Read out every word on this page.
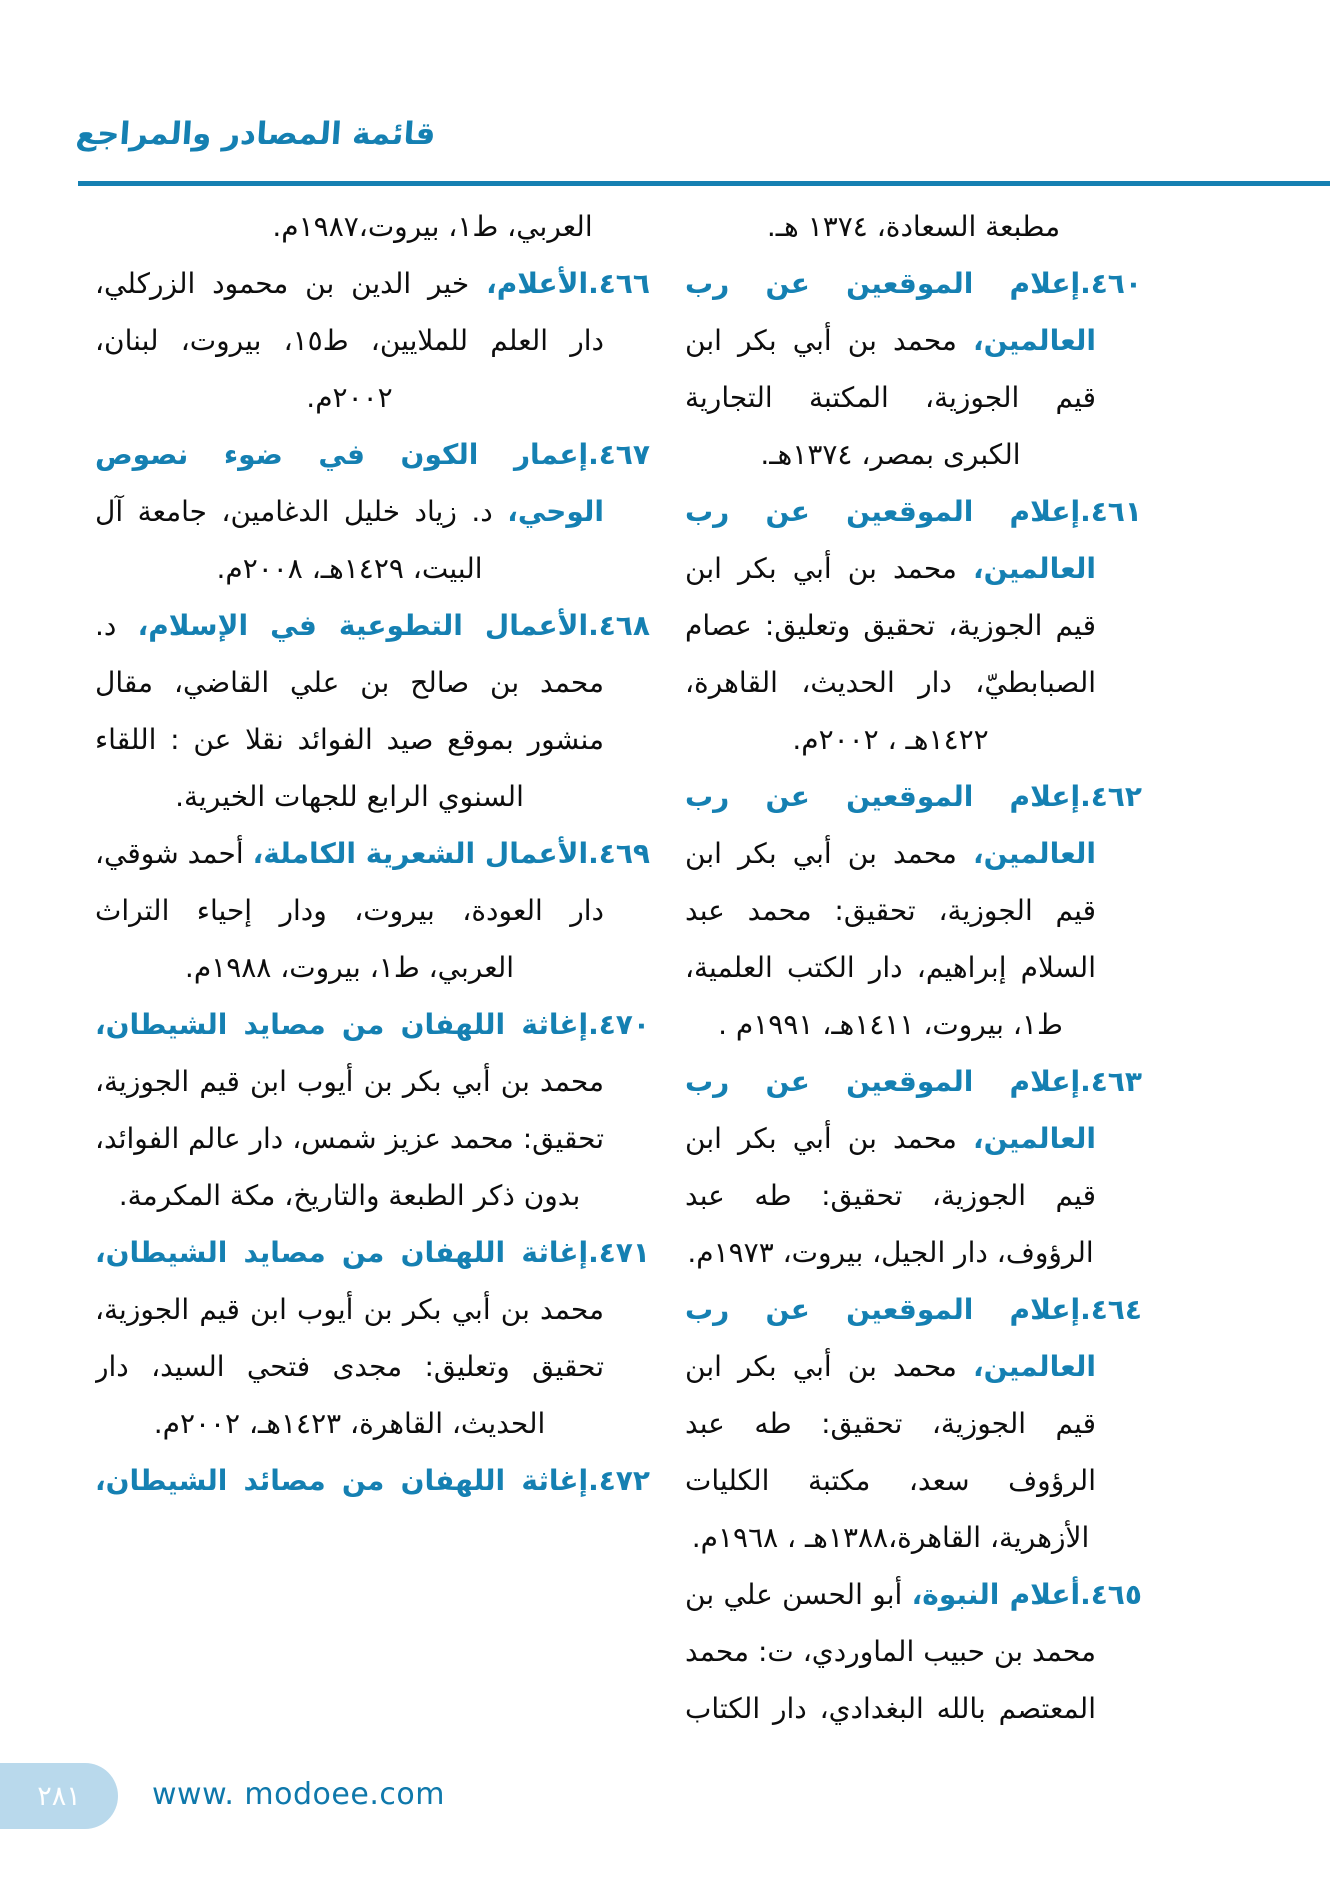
قائمة المصادر والمراجع

مطبعة السعادة، ١٣٧٤ هـ.

٤٦٠.إعلام الموقعين عن رب العالمين، محمد بن أبي بكر ابن قيم الجوزية، المكتبة التجارية الكبرى بمصر، ١٣٧٤هـ.

٤٦١.إعلام الموقعين عن رب العالمين، محمد بن أبي بكر ابن قيم الجوزية، تحقيق وتعليق: عصام الصبابطيّ، دار الحديث، القاهرة، ١٤٢٢هـ ، ٢٠٠٢م.

٤٦٢.إعلام الموقعين عن رب العالمين، محمد بن أبي بكر ابن قيم الجوزية، تحقيق: محمد عبد السلام إبراهيم، دار الكتب العلمية، ط١، بيروت، ١٤١١هـ، ١٩٩١م .

٤٦٣.إعلام الموقعين عن رب العالمين، محمد بن أبي بكر ابن قيم الجوزية، تحقيق: طه عبد الرؤوف، دار الجيل، بيروت، ١٩٧٣م.

٤٦٤.إعلام الموقعين عن رب العالمين، محمد بن أبي بكر ابن قيم الجوزية، تحقيق: طه عبد الرؤوف سعد، مكتبة الكليات الأزهرية، القاهرة،١٣٨٨هـ ، ١٩٦٨م.

٤٦٥.أعلام النبوة، أبو الحسن علي بن محمد بن حبيب الماوردي، ت: محمد المعتصم بالله البغدادي، دار الكتاب

العربي، ط١، بيروت،١٩٨٧م.

٤٦٦.الأعلام، خير الدين بن محمود الزركلي، دار العلم للملايين، ط١٥، بيروت، لبنان، ٢٠٠٢م.

٤٦٧.إعمار الكون في ضوء نصوص الوحي، د. زياد خليل الدغامين، جامعة آل البيت، ١٤٢٩هـ، ٢٠٠٨م.

٤٦٨.الأعمال التطوعية في الإسلام، د. محمد بن صالح بن علي القاضي، مقال منشور بموقع صيد الفوائد نقلا عن : اللقاء السنوي الرابع للجهات الخيرية.

٤٦٩.الأعمال الشعرية الكاملة، أحمد شوقي، دار العودة، بيروت، ودار إحياء التراث العربي، ط١، بيروت، ١٩٨٨م.

٤٧٠.إغاثة اللهفان من مصايد الشيطان، محمد بن أبي بكر بن أيوب ابن قيم الجوزية، تحقيق: محمد عزيز شمس، دار عالم الفوائد، بدون ذكر الطبعة والتاريخ، مكة المكرمة.

٤٧١.إغاثة اللهفان من مصايد الشيطان، محمد بن أبي بكر بن أيوب ابن قيم الجوزية، تحقيق وتعليق: مجدى فتحي السيد، دار الحديث، القاهرة، ١٤٢٣هـ، ٢٠٠٢م.

٤٧٢.إغاثة اللهفان من مصائد الشيطان،

٢٨١ www. modoee.com
